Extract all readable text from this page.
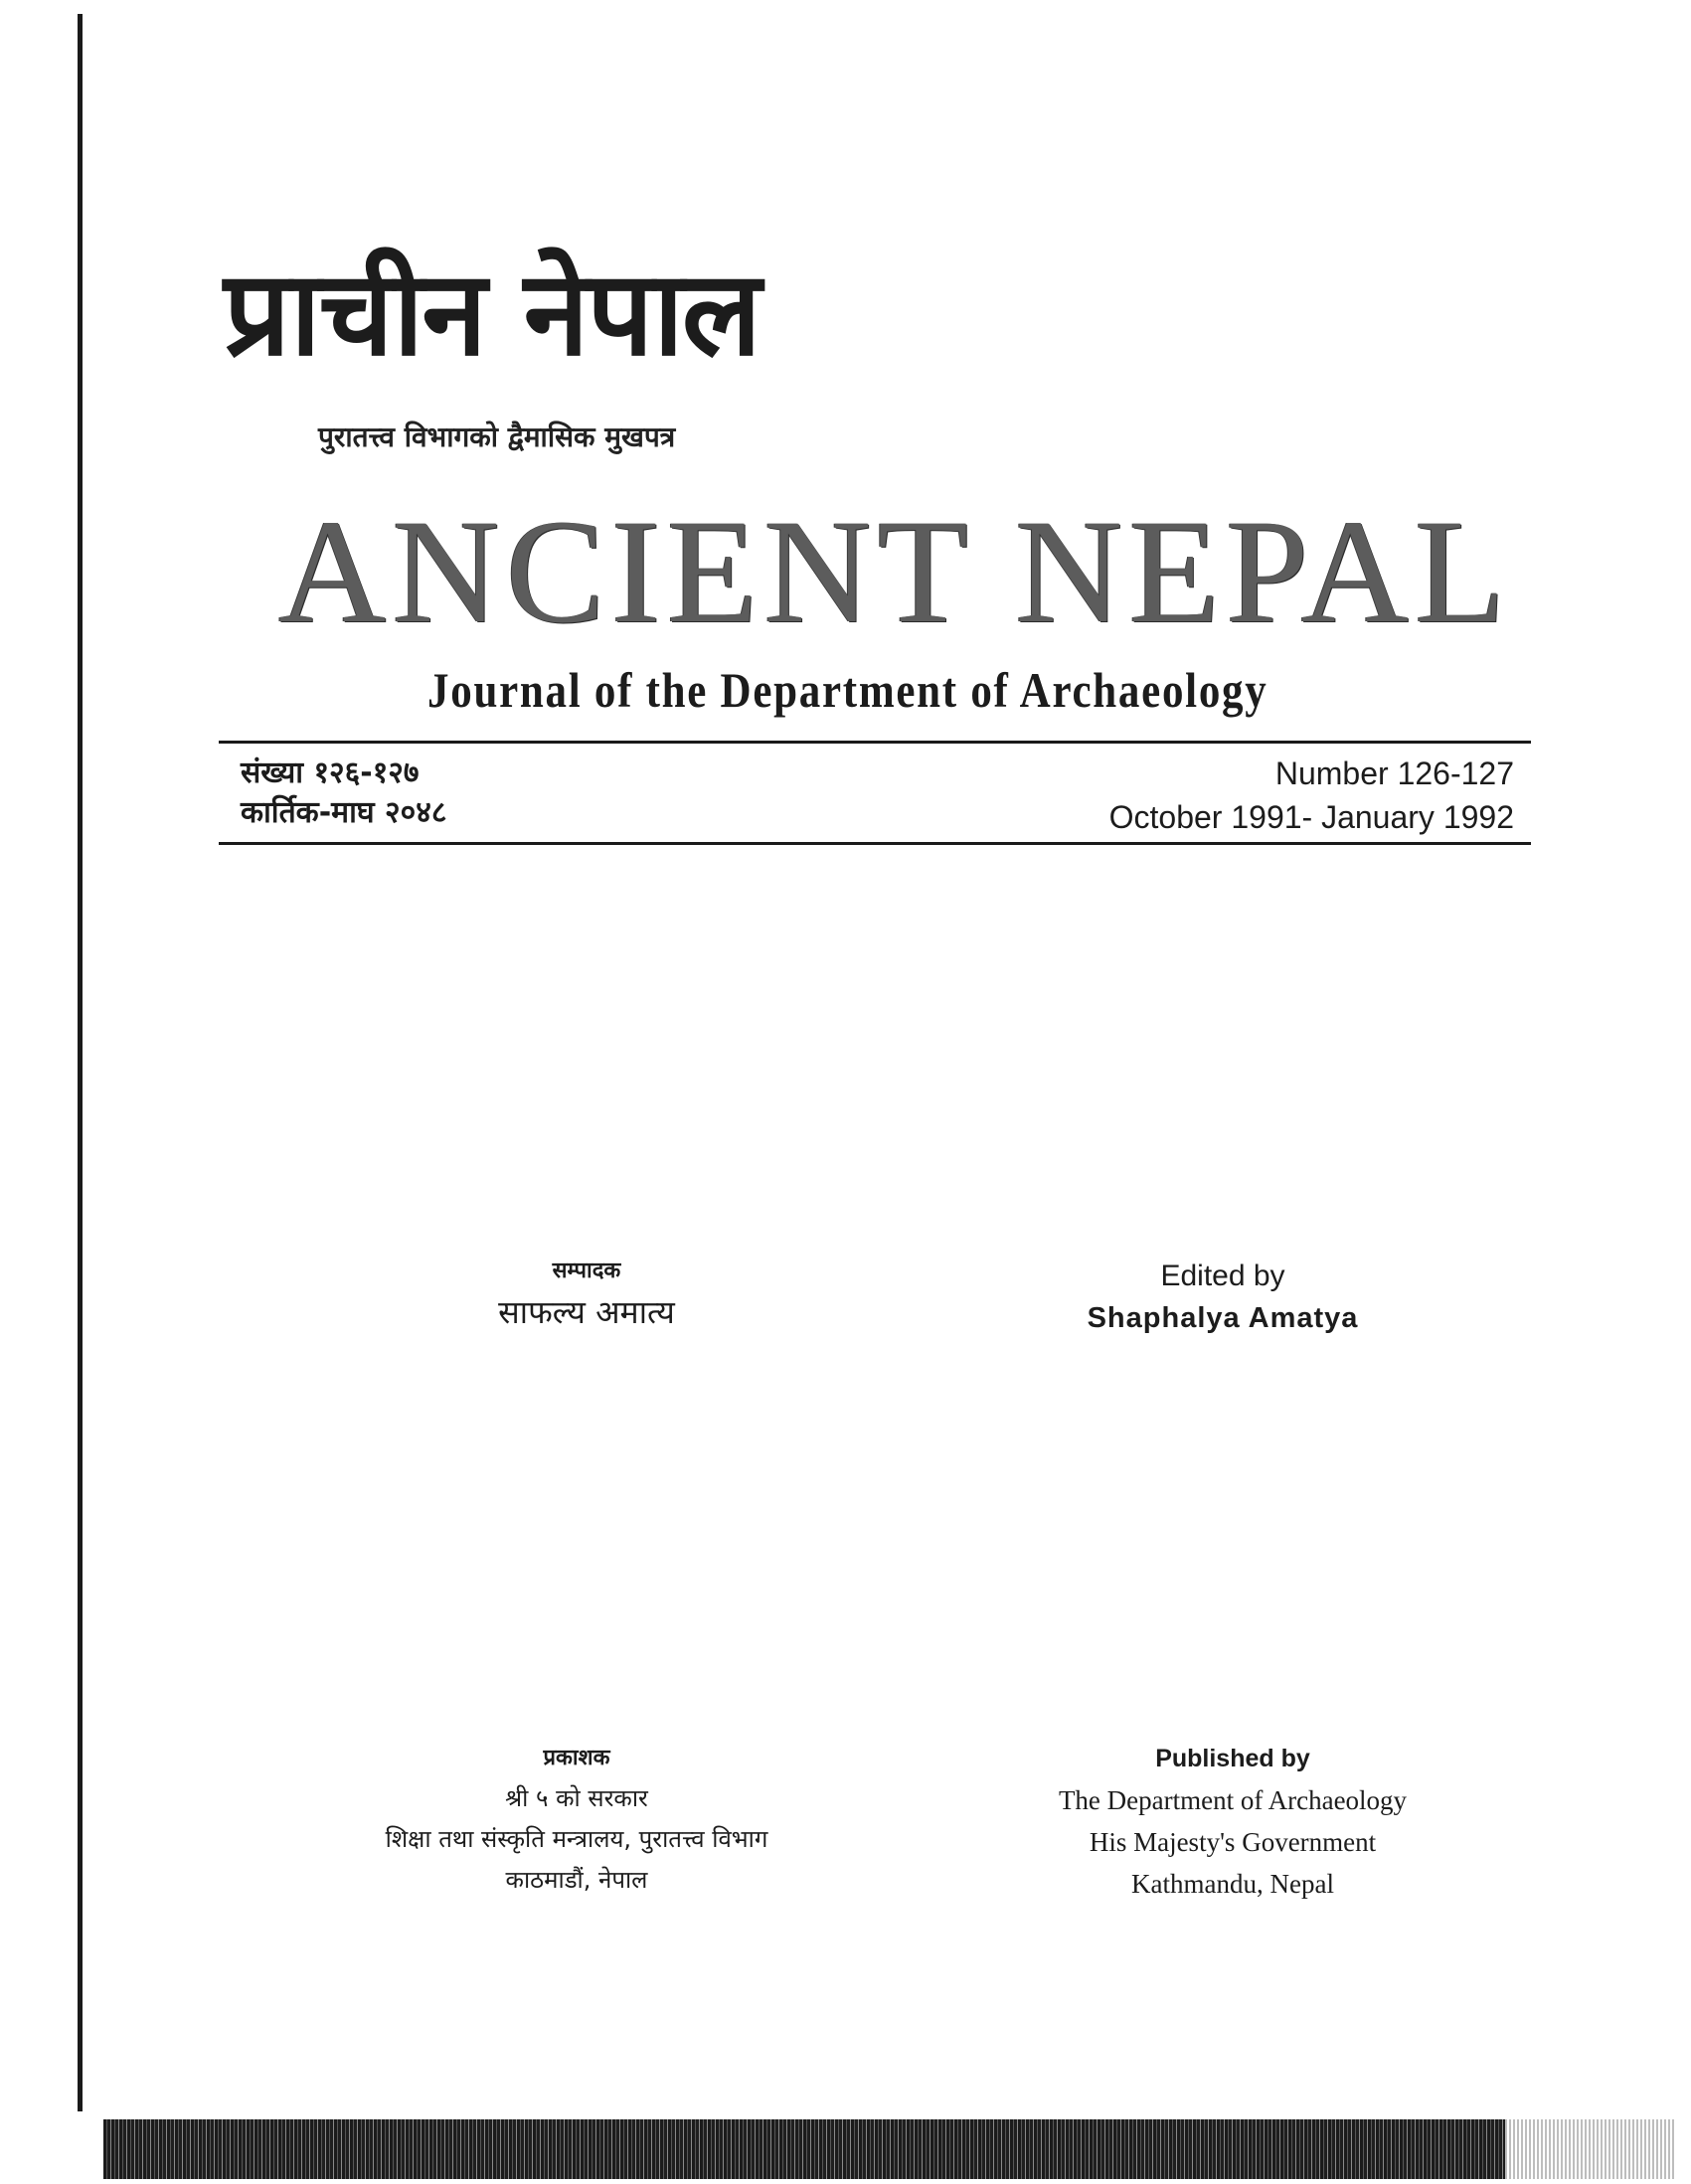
प्राचीन नेपाल
पुरातत्त्व विभागको द्वैमासिक मुखपत्र
ANCIENT NEPAL
Journal of the Department of Archaeology
संख्या १२६-१२७
कार्तिक-माघ २०४८
Number 126-127
October 1991- January 1992
सम्पादक
साफल्य अमात्य
Edited by
Shaphalya Amatya
प्रकाशक
श्री ५ को सरकार
शिक्षा तथा संस्कृति मन्त्रालय, पुरातत्त्व विभाग
काठमाडौं, नेपाल
Published by
The Department of Archaeology
His Majesty's Government
Kathmandu, Nepal
